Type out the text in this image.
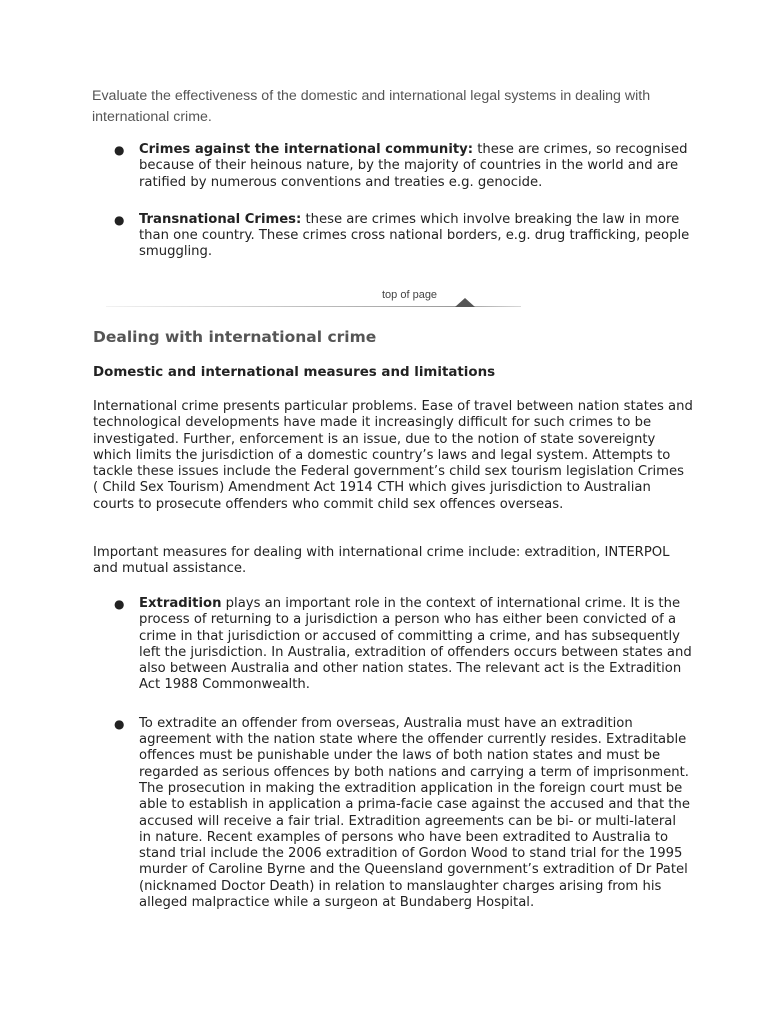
Evaluate the effectiveness of the domestic and international legal systems in dealing with international crime.
● Crimes against the international community: these are crimes, so recognised because of their heinous nature, by the majority of countries in the world and are ratified by numerous conventions and treaties e.g. genocide.
● Transnational Crimes: these are crimes which involve breaking the law in more than one country. These crimes cross national borders, e.g. drug trafficking, people smuggling.
top of page
Dealing with international crime
Domestic and international measures and limitations

International crime presents particular problems. Ease of travel between nation states and technological developments have made it increasingly difficult for such crimes to be investigated. Further, enforcement is an issue, due to the notion of state sovereignty which limits the jurisdiction of a domestic country’s laws and legal system. Attempts to tackle these issues include the Federal government’s child sex tourism legislation Crimes ( Child Sex Tourism) Amendment Act 1914 CTH which gives jurisdiction to Australian courts to prosecute offenders who commit child sex offences overseas.

Important measures for dealing with international crime include: extradition, INTERPOL and mutual assistance.

● Extradition plays an important role in the context of international crime. It is the process of returning to a jurisdiction a person who has either been convicted of a crime in that jurisdiction or accused of committing a crime, and has subsequently left the jurisdiction. In Australia, extradition of offenders occurs between states and also between Australia and other nation states. The relevant act is the Extradition Act 1988 Commonwealth.
● To extradite an offender from overseas, Australia must have an extradition agreement with the nation state where the offender currently resides. Extraditable offences must be punishable under the laws of both nation states and must be regarded as serious offences by both nations and carrying a term of imprisonment. The prosecution in making the extradition application in the foreign court must be able to establish in application a prima-facie case against the accused and that the accused will receive a fair trial. Extradition agreements can be bi- or multi-lateral in nature. Recent examples of persons who have been extradited to Australia to stand trial include the 2006 extradition of Gordon Wood to stand trial for the 1995 murder of Caroline Byrne and the Queensland government’s extradition of Dr Patel (nicknamed Doctor Death) in relation to manslaughter charges arising from his alleged malpractice while a surgeon at Bundaberg Hospital.
